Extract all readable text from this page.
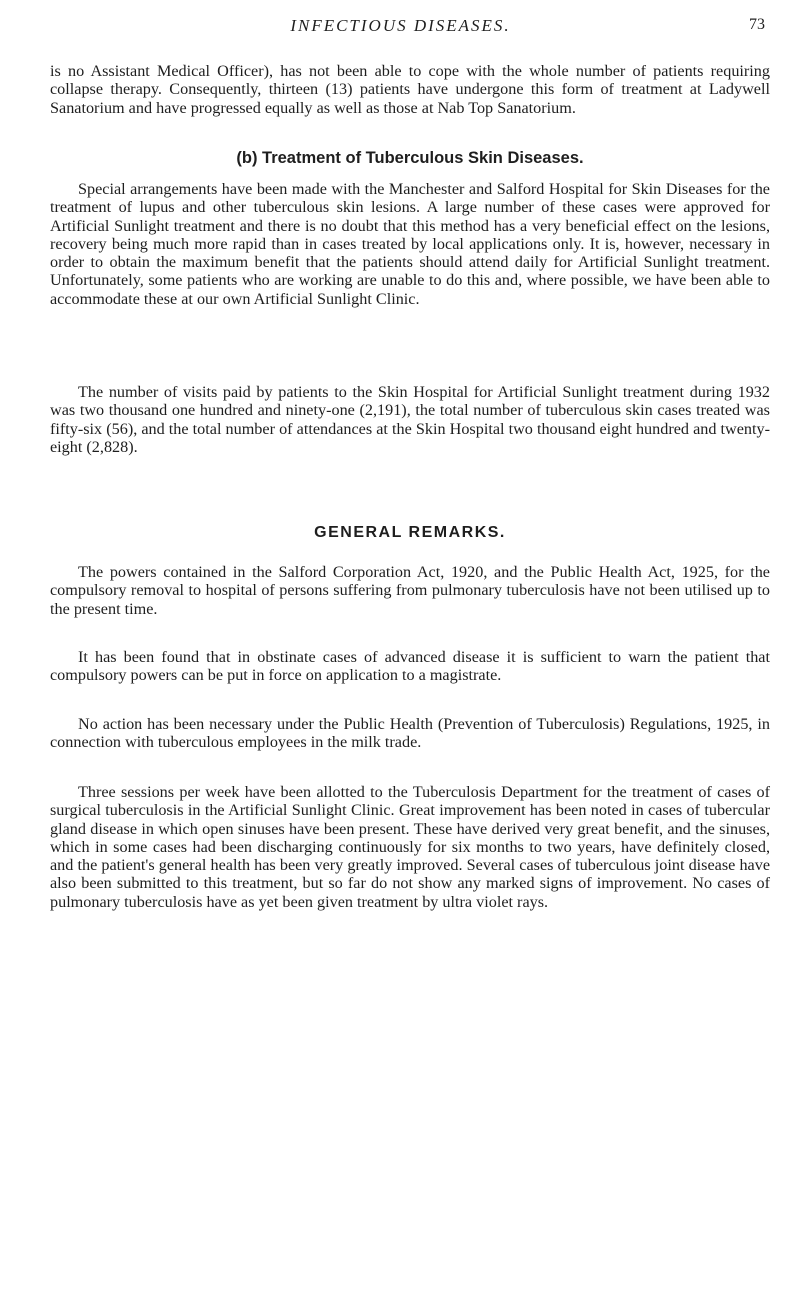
INFECTIOUS DISEASES.	73

is no Assistant Medical Officer), has not been able to cope with the whole number of patients requiring collapse therapy. Consequently, thirteen (13) patients have undergone this form of treatment at Ladywell Sanatorium and have progressed equally as well as those at Nab Top Sanatorium.

(b) Treatment of Tuberculous Skin Diseases.

Special arrangements have been made with the Manchester and Salford Hospital for Skin Diseases for the treatment of lupus and other tuberculous skin lesions. A large number of these cases were approved for Artificial Sunlight treatment and there is no doubt that this method has a very beneficial effect on the lesions, recovery being much more rapid than in cases treated by local applications only. It is, however, necessary in order to obtain the maximum benefit that the patients should attend daily for Artificial Sunlight treatment. Unfortunately, some patients who are working are unable to do this and, where possible, we have been able to accommodate these at our own Artificial Sunlight Clinic.

The number of visits paid by patients to the Skin Hospital for Artificial Sunlight treatment during 1932 was two thousand one hundred and ninety-one (2,191), the total number of tuberculous skin cases treated was fifty-six (56), and the total number of attendances at the Skin Hospital two thousand eight hundred and twenty-eight (2,828).

GENERAL REMARKS.

The powers contained in the Salford Corporation Act, 1920, and the Public Health Act, 1925, for the compulsory removal to hospital of persons suffering from pulmonary tuberculosis have not been utilised up to the present time.

It has been found that in obstinate cases of advanced disease it is sufficient to warn the patient that compulsory powers can be put in force on application to a magistrate.

No action has been necessary under the Public Health (Prevention of Tuberculosis) Regulations, 1925, in connection with tuberculous employees in the milk trade.

Three sessions per week have been allotted to the Tuberculosis Department for the treatment of cases of surgical tuberculosis in the Artificial Sunlight Clinic. Great improvement has been noted in cases of tubercular gland disease in which open sinuses have been present. These have derived very great benefit, and the sinuses, which in some cases had been discharging continuously for six months to two years, have definitely closed, and the patient's general health has been very greatly improved. Several cases of tuberculous joint disease have also been submitted to this treatment, but so far do not show any marked signs of improvement. No cases of pulmonary tuberculosis have as yet been given treatment by ultra violet rays.
